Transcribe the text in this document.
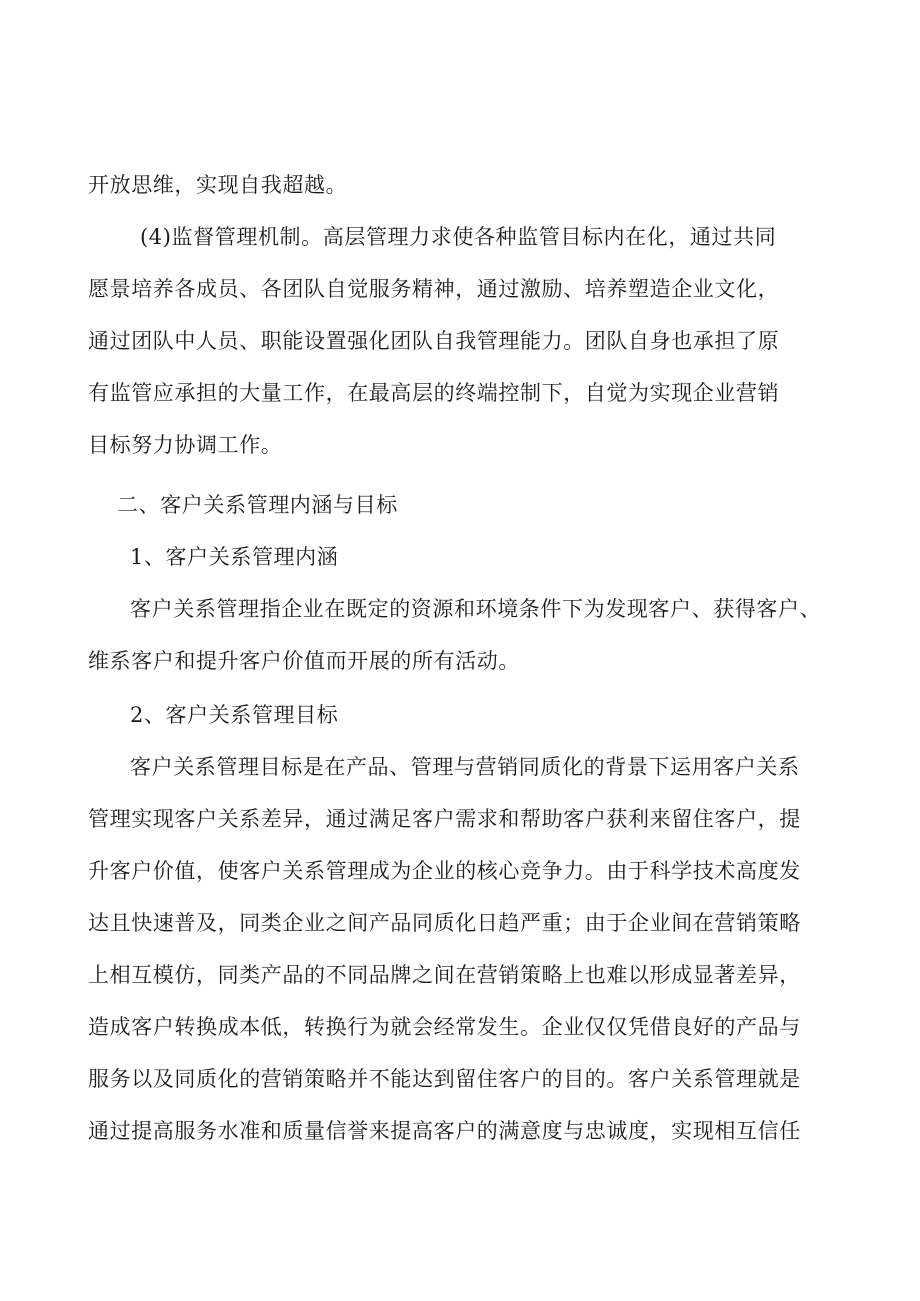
开放思维，实现自我超越。
(4)监督管理机制。高层管理力求使各种监管目标内在化，通过共同
愿景培养各成员、各团队自觉服务精神，通过激励、培养塑造企业文化，
通过团队中人员、职能设置强化团队自我管理能力。团队自身也承担了原
有监管应承担的大量工作，在最高层的终端控制下，自觉为实现企业营销
目标努力协调工作。
二、客户关系管理内涵与目标
1、客户关系管理内涵
客户关系管理指企业在既定的资源和环境条件下为发现客户、获得客户、
维系客户和提升客户价值而开展的所有活动。
2、客户关系管理目标
客户关系管理目标是在产品、管理与营销同质化的背景下运用客户关系
管理实现客户关系差异，通过满足客户需求和帮助客户获利来留住客户，提
升客户价值，使客户关系管理成为企业的核心竞争力。由于科学技术高度发
达且快速普及，同类企业之间产品同质化日趋严重；由于企业间在营销策略
上相互模仿，同类产品的不同品牌之间在营销策略上也难以形成显著差异，
造成客户转换成本低，转换行为就会经常发生。企业仅仅凭借良好的产品与
服务以及同质化的营销策略并不能达到留住客户的目的。客户关系管理就是
通过提高服务水准和质量信誉来提高客户的满意度与忠诚度，实现相互信任
